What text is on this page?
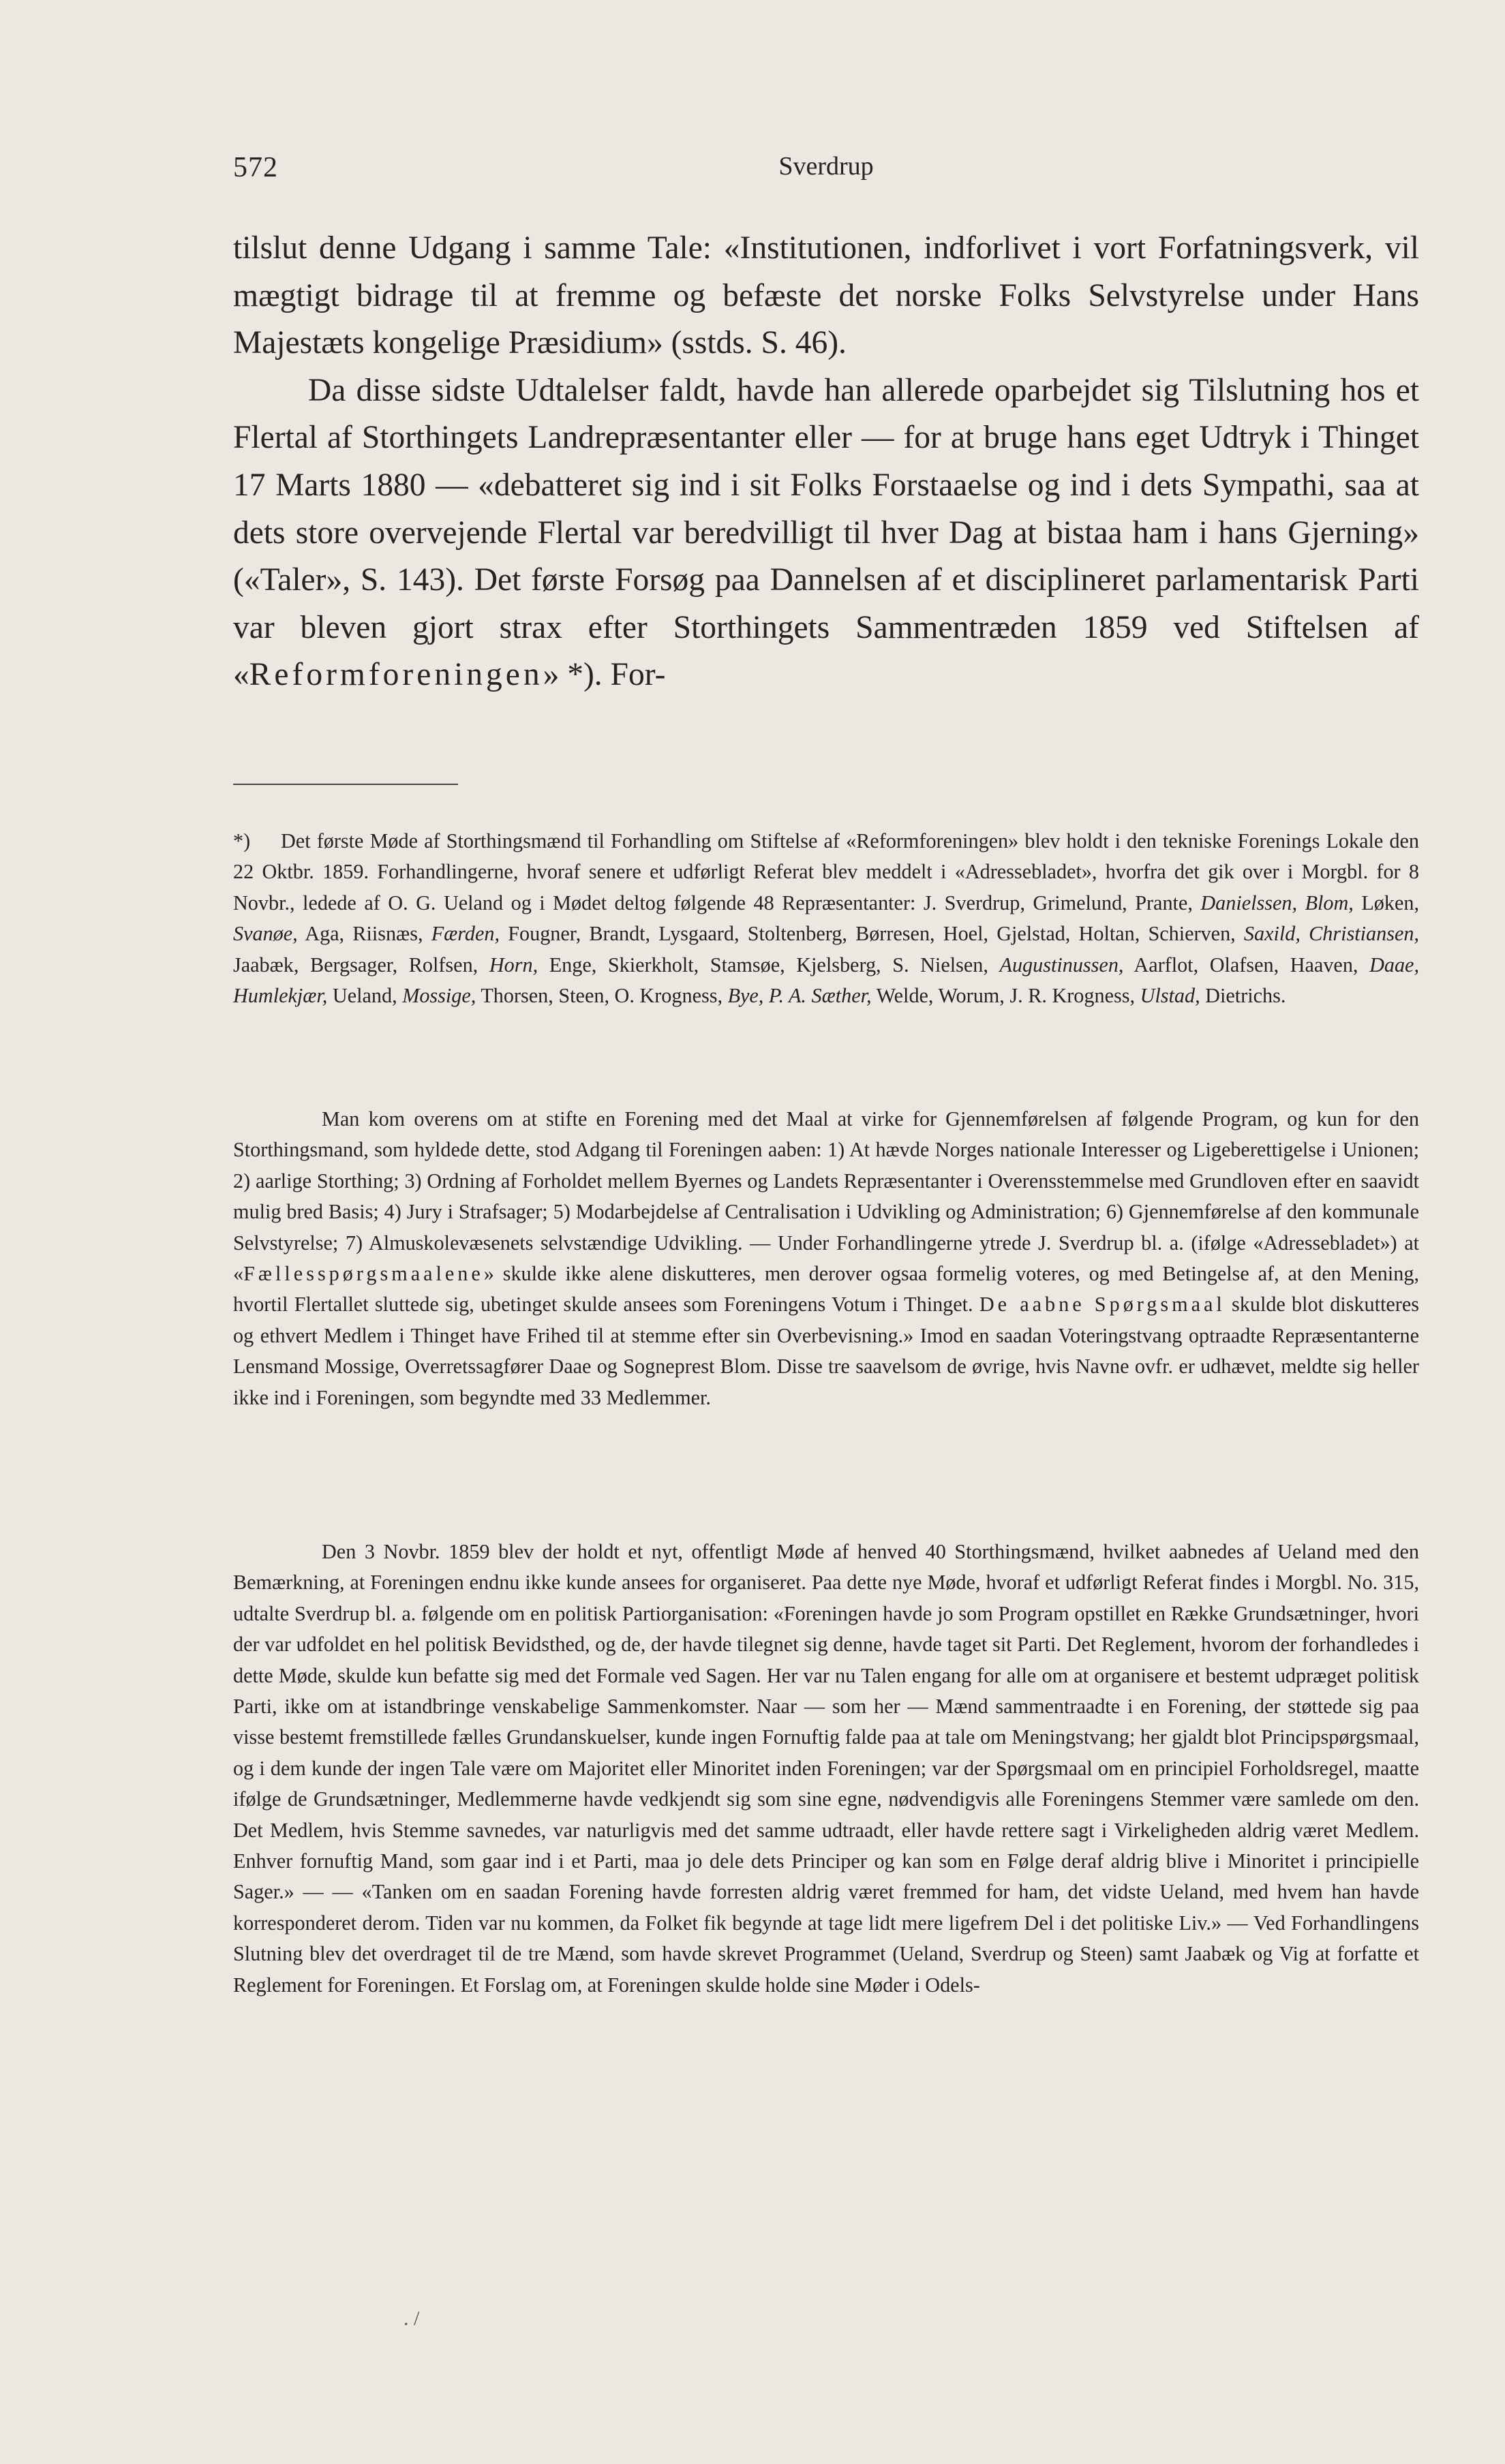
572	Sverdrup

tilslut denne Udgang i samme Tale: «Institutionen, indforlivet i vort Forfatningsverk, vil mægtigt bidrage til at fremme og befæste det norske Folks Selvstyrelse under Hans Majestæts kongelige Præsidium» (sstds. S. 46).
Da disse sidste Udtalelser faldt, havde han allerede oparbejdet sig Tilslutning hos et Flertal af Storthingets Landrepræsentanter eller — for at bruge hans eget Udtryk i Thinget 17 Marts 1880 — «debatteret sig ind i sit Folks Forstaaelse og ind i dets Sympathi, saa at dets store overvejende Flertal var beredvilligt til hver Dag at bistaa ham i hans Gjerning» («Taler», S. 143). Det første Forsøg paa Dannelsen af et disciplineret parlamentarisk Parti var bleven gjort strax efter Storthingets Sammentræden 1859 ved Stiftelsen af «Reformforeningen» *). For-

*) Det første Møde af Storthingsmænd til Forhandling om Stiftelse af «Reformforeningen» blev holdt i den tekniske Forenings Lokale den 22 Oktbr. 1859. Forhandlingerne, hvoraf senere et udførligt Referat blev meddelt i «Adressebladet», hvorfra det gik over i Morgbl. for 8 Novbr., ledede af O. G. Ueland og i Mødet deltog følgende 48 Repræsentanter: J. Sverdrup, Grimelund, Prante, Danielssen, Blom, Løken, Svanøe, Aga, Riisnæs, Færden, Fougner, Brandt, Lysgaard, Stoltenberg, Børresen, Hoel, Gjelstad, Holtan, Schierven, Saxild, Christiansen, Jaabæk, Bergsager, Rolfsen, Horn, Enge, Skierkholt, Stamsøe, Kjelsberg, S. Nielsen, Augustinussen, Aarflot, Olafsen, Haaven, Daae, Humlekjær, Ueland, Mossige, Thorsen, Steen, O. Krogness, Bye, P. A. Sæther, Welde, Worum, J. R. Krogness, Ulstad, Dietrichs.

Man kom overens om at stifte en Forening med det Maal at virke for Gjennemførelsen af følgende Program, og kun for den Storthingsmand, som hyldede dette, stod Adgang til Foreningen aaben: 1) At hævde Norges nationale Interesser og Ligeberettigelse i Unionen; 2) aarlige Storthing; 3) Ordning af Forholdet mellem Byernes og Landets Repræsentanter i Overensstemmelse med Grundloven efter en saavidt mulig bred Basis; 4) Jury i Strafsager; 5) Modarbejdelse af Centralisation i Udvikling og Administration; 6) Gjennemførelse af den kommunale Selvstyrelse; 7) Almuskolevæsenets selvstændige Udvikling. — Under Forhandlingerne ytrede J. Sverdrup bl. a. (ifølge «Adressebladet») at «Fællesspørgsmaalene» skulde ikke alene diskutteres, men derover ogsaa formelig voteres, og med Betingelse af, at den Mening, hvortil Flertallet sluttede sig, ubetinget skulde ansees som Foreningens Votum i Thinget. De aabne Spørgsmaal skulde blot diskutteres og ethvert Medlem i Thinget have Frihed til at stemme efter sin Overbevisning.» Imod en saadan Voteringstvang optraadte Repræsentanterne Lensmand Mossige, Overretssagfører Daae og Sogneprest Blom. Disse tre saavelsom de øvrige, hvis Navne ovfr. er udhævet, meldte sig heller ikke ind i Foreningen, som begyndte med 33 Medlemmer.

Den 3 Novbr. 1859 blev der holdt et nyt, offentligt Møde af henved 40 Storthingsmænd, hvilket aabnedes af Ueland med den Bemærkning, at Foreningen endnu ikke kunde ansees for organiseret. Paa dette nye Møde, hvoraf et udførligt Referat findes i Morgbl. No. 315, udtalte Sverdrup bl. a. følgende om en politisk Partiorganisation: «Foreningen havde jo som Program opstillet en Række Grundsætninger, hvori der var udfoldet en hel politisk Bevidsthed, og de, der havde tilegnet sig denne, havde taget sit Parti. Det Reglement, hvorom der forhandledes i dette Møde, skulde kun befatte sig med det Formale ved Sagen. Her var nu Talen engang for alle om at organisere et bestemt udpræget politisk Parti, ikke om at istandbringe venskabelige Sammenkomster. Naar — som her — Mænd sammentraadte i en Forening, der støttede sig paa visse bestemt fremstillede fælles Grundanskuelser, kunde ingen Fornuftig falde paa at tale om Meningstvang; her gjaldt blot Principspørgsmaal, og i dem kunde der ingen Tale være om Majoritet eller Minoritet inden Foreningen; var der Spørgsmaal om en principiel Forholdsregel, maatte ifølge de Grundsætninger, Medlemmerne havde vedkjendt sig som sine egne, nødvendigvis alle Foreningens Stemmer være samlede om den. Det Medlem, hvis Stemme savnedes, var naturligvis med det samme udtraadt, eller havde rettere sagt i Virkeligheden aldrig været Medlem. Enhver fornuftig Mand, som gaar ind i et Parti, maa jo dele dets Principer og kan som en Følge deraf aldrig blive i Minoritet i principielle Sager.» — — «Tanken om en saadan Forening havde forresten aldrig været fremmed for ham, det vidste Ueland, med hvem han havde korresponderet derom. Tiden var nu kommen, da Folket fik begynde at tage lidt mere ligefrem Del i det politiske Liv.» — Ved Forhandlingens Slutning blev det overdraget til de tre Mænd, som havde skrevet Programmet (Ueland, Sverdrup og Steen) samt Jaabæk og Vig at forfatte et Reglement for Foreningen. Et Forslag om, at Foreningen skulde holde sine Møder i Odels-

. /
